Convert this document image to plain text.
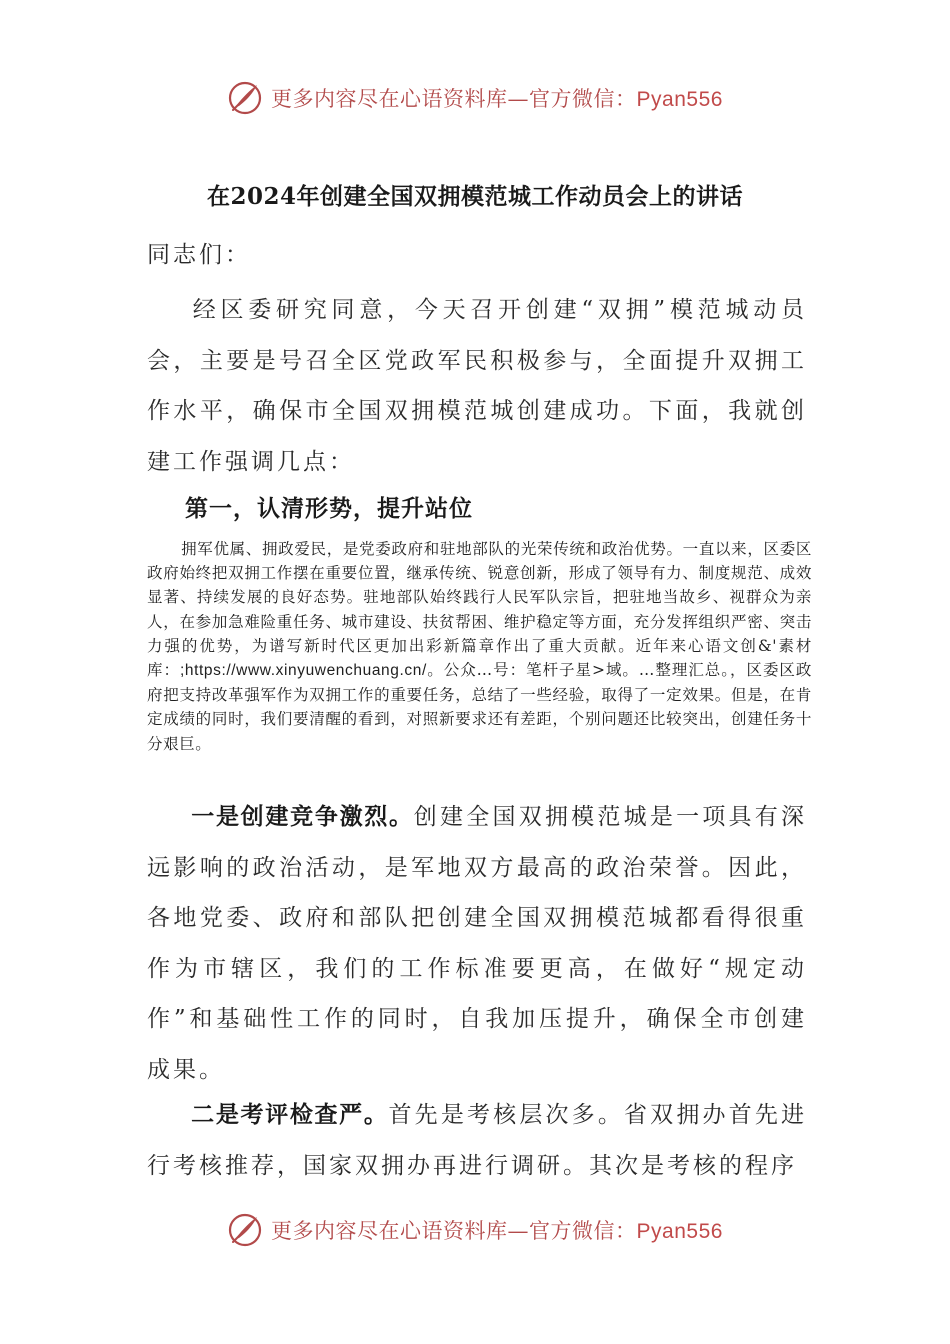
更多内容尽在心语资料库—官方微信：Pyan556
在2024年创建全国双拥模范城工作动员会上的讲话
同志们：

经区委研究同意，今天召开创建“双拥”模范城动员会，主要是号召全区党政军民积极参与，全面提升双拥工作水平，确保市全国双拥模范城创建成功。下面，我就创建工作强调几点：

第一，认清形势，提升站位

拥军优属、拥政爱民，是党委政府和驻地部队的光荣传统和政治优势。一直以来，区委区政府始终把双拥工作摆在重要位置，继承传统、锐意创新，形成了领导有力、制度规范、成效显著、持续发展的良好态势。驻地部队始终践行人民军队宗旨，把驻地当故乡、视群众为亲人，在参加急难险重任务、城市建设、扶贫帮困、维护稳定等方面，充分发挥组织严密、突击力强的优势，为谱写新时代区更加出彩新篇章作出了重大贡献。近年来心语文创&'素材库：;https://www.xinyuwenchuang.cn/。公众…号：笔杆子星>域。…整理汇总。，区委区政府把支持改革强军作为双拥工作的重要任务，总结了一些经验，取得了一定效果。但是，在肯定成绩的同时，我们要清醒的看到，对照新要求还有差距，个别问题还比较突出，创建任务十分艰巨。

一是创建竞争激烈。创建全国双拥模范城是一项具有深远影响的政治活动，是军地双方最高的政治荣誉。因此，各地党委、政府和部队把创建全国双拥模范城都看得很重作为市辖区，我们的工作标准要更高，在做好“规定动作”和基础性工作的同时，自我加压提升，确保全市创建成果。

二是考评检查严。首先是考核层次多。省双拥办首先进行考核推荐，国家双拥办再进行调研。其次是考核的程序

更多内容尽在心语资料库—官方微信：Pyan556
